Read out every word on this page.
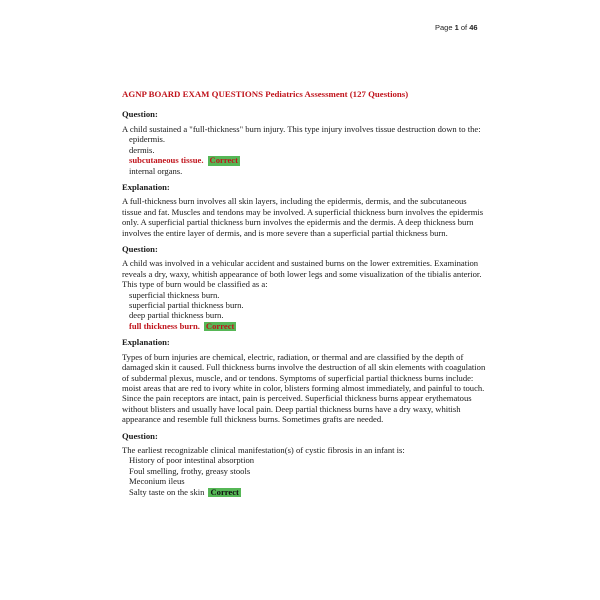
Page 1 of 46
AGNP BOARD EXAM QUESTIONS Pediatrics Assessment (127 Questions)
Question:

A child sustained a "full-thickness" burn injury. This type injury involves tissue destruction down to the:

epidermis.
dermis.
subcutaneous tissue. Correct
internal organs.
Explanation:

A full-thickness burn involves all skin layers, including the epidermis, dermis, and the subcutaneous tissue and fat. Muscles and tendons may be involved. A superficial thickness burn involves the epidermis only. A superficial partial thickness burn involves the epidermis and the dermis. A deep thickness burn involves the entire layer of dermis, and is more severe than a superficial partial thickness burn.

Question:

A child was involved in a vehicular accident and sustained burns on the lower extremities. Examination reveals a dry, waxy, whitish appearance of both lower legs and some visualization of the tibialis anterior. This type of burn would be classified as a:

superficial thickness burn.
superficial partial thickness burn.
deep partial thickness burn.
full thickness burn. Correct
Explanation:

Types of burn injuries are chemical, electric, radiation, or thermal and are classified by the depth of damaged skin it caused. Full thickness burns involve the destruction of all skin elements with coagulation of subdermal plexus, muscle, and or tendons. Symptoms of superficial partial thickness burns include: moist areas that are red to ivory white in color, blisters forming almost immediately, and painful to touch. Since the pain receptors are intact, pain is perceived. Superficial thickness burns appear erythematous without blisters and usually have local pain. Deep partial thickness burns have a dry waxy, whitish appearance and resemble full thickness burns. Sometimes grafts are needed.

Question:

The earliest recognizable clinical manifestation(s) of cystic fibrosis in an infant is:

History of poor intestinal absorption
Foul smelling, frothy, greasy stools
Meconium ileus
Salty taste on the skin Correct
